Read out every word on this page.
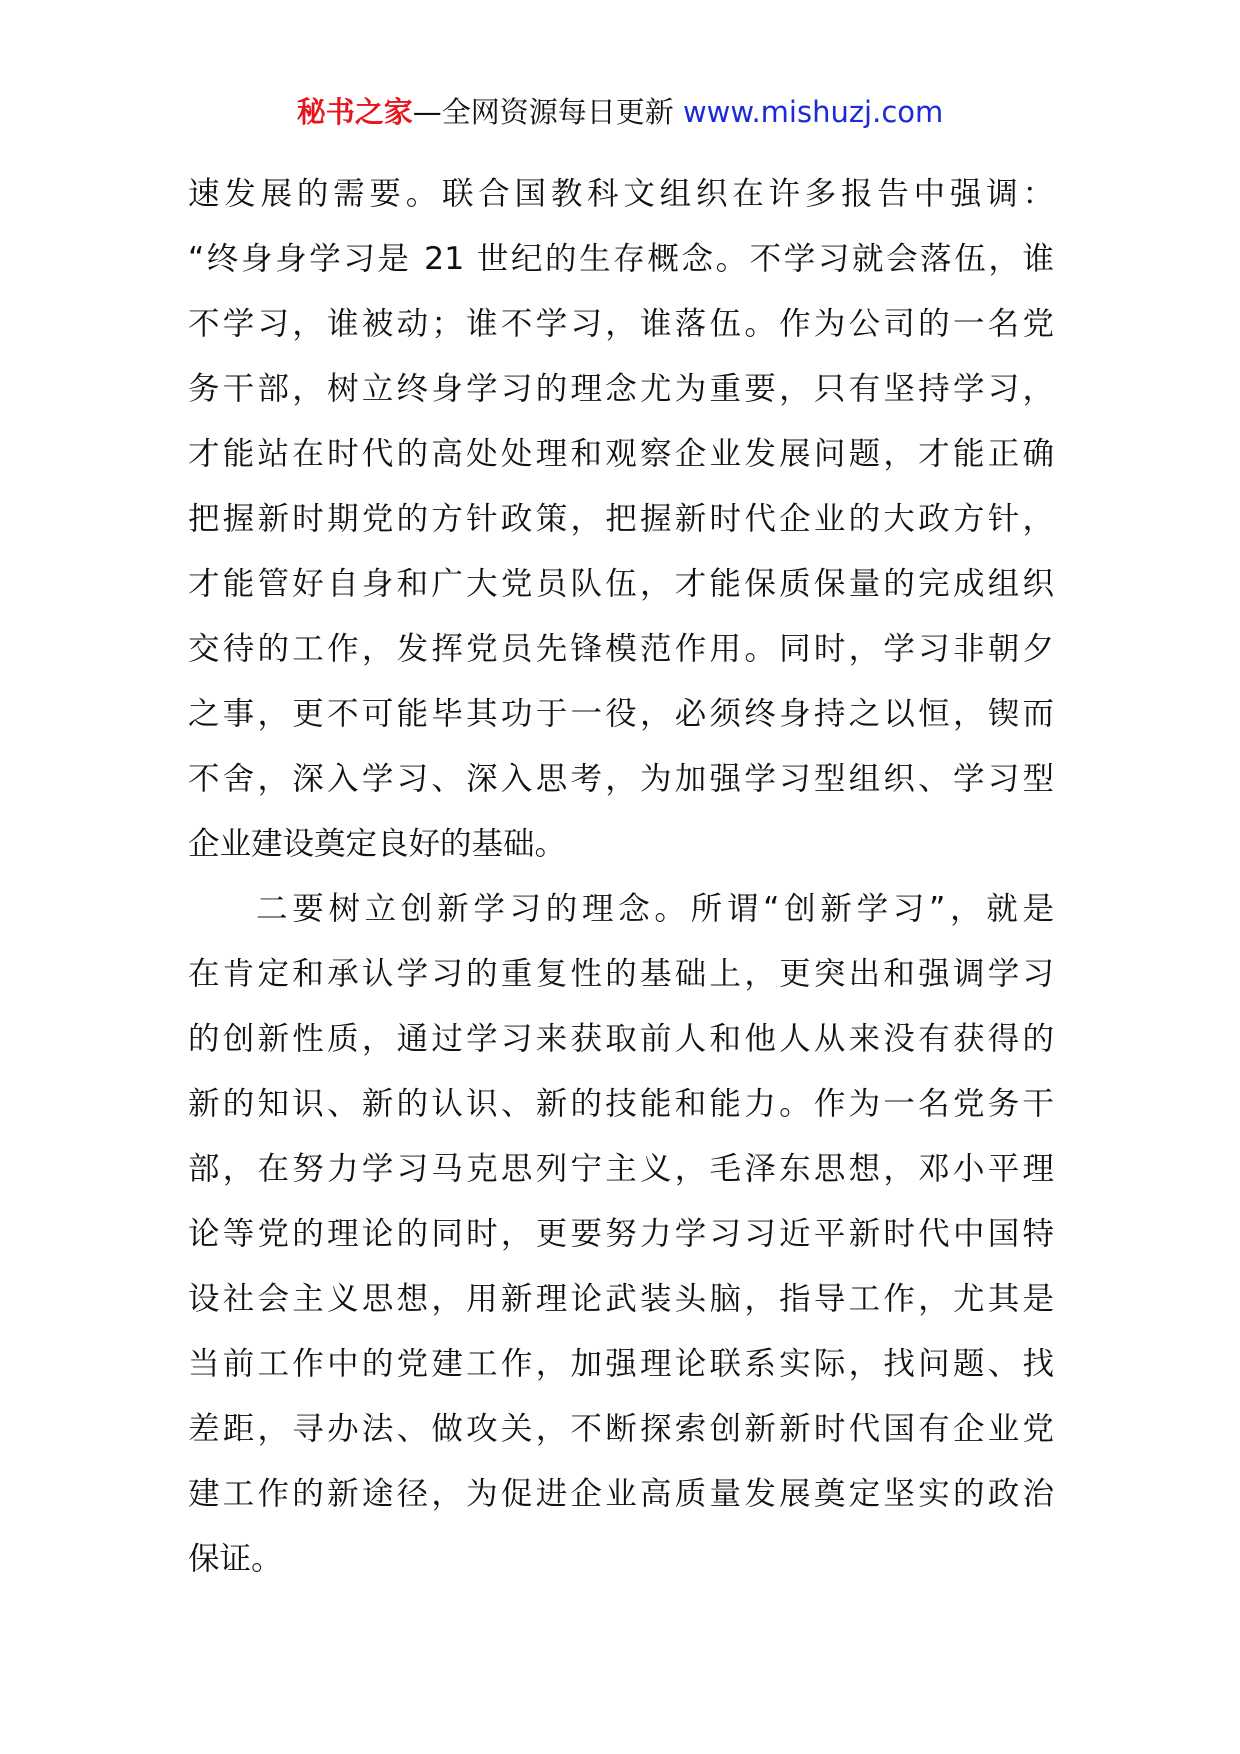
秘书之家—全网资源每日更新 www.mishuzj.com
速发展的需要。联合国教科文组织在许多报告中强调：
“终身身学习是 21 世纪的生存概念。不学习就会落伍，谁
不学习，谁被动；谁不学习，谁落伍。作为公司的一名党
务干部，树立终身学习的理念尤为重要，只有坚持学习，
才能站在时代的高处处理和观察企业发展问题，才能正确
把握新时期党的方针政策，把握新时代企业的大政方针，
才能管好自身和广大党员队伍，才能保质保量的完成组织
交待的工作，发挥党员先锋模范作用。同时，学习非朝夕
之事，更不可能毕其功于一役，必须终身持之以恒，锲而
不舍，深入学习、深入思考，为加强学习型组织、学习型
企业建设奠定良好的基础。
二要树立创新学习的理念。所谓“创新学习”，就是
在肯定和承认学习的重复性的基础上，更突出和强调学习
的创新性质，通过学习来获取前人和他人从来没有获得的
新的知识、新的认识、新的技能和能力。作为一名党务干
部，在努力学习马克思列宁主义，毛泽东思想，邓小平理
论等党的理论的同时，更要努力学习习近平新时代中国特
设社会主义思想，用新理论武装头脑，指导工作，尤其是
当前工作中的党建工作，加强理论联系实际，找问题、找
差距，寻办法、做攻关，不断探索创新新时代国有企业党
建工作的新途径，为促进企业高质量发展奠定坚实的政治
保证。
